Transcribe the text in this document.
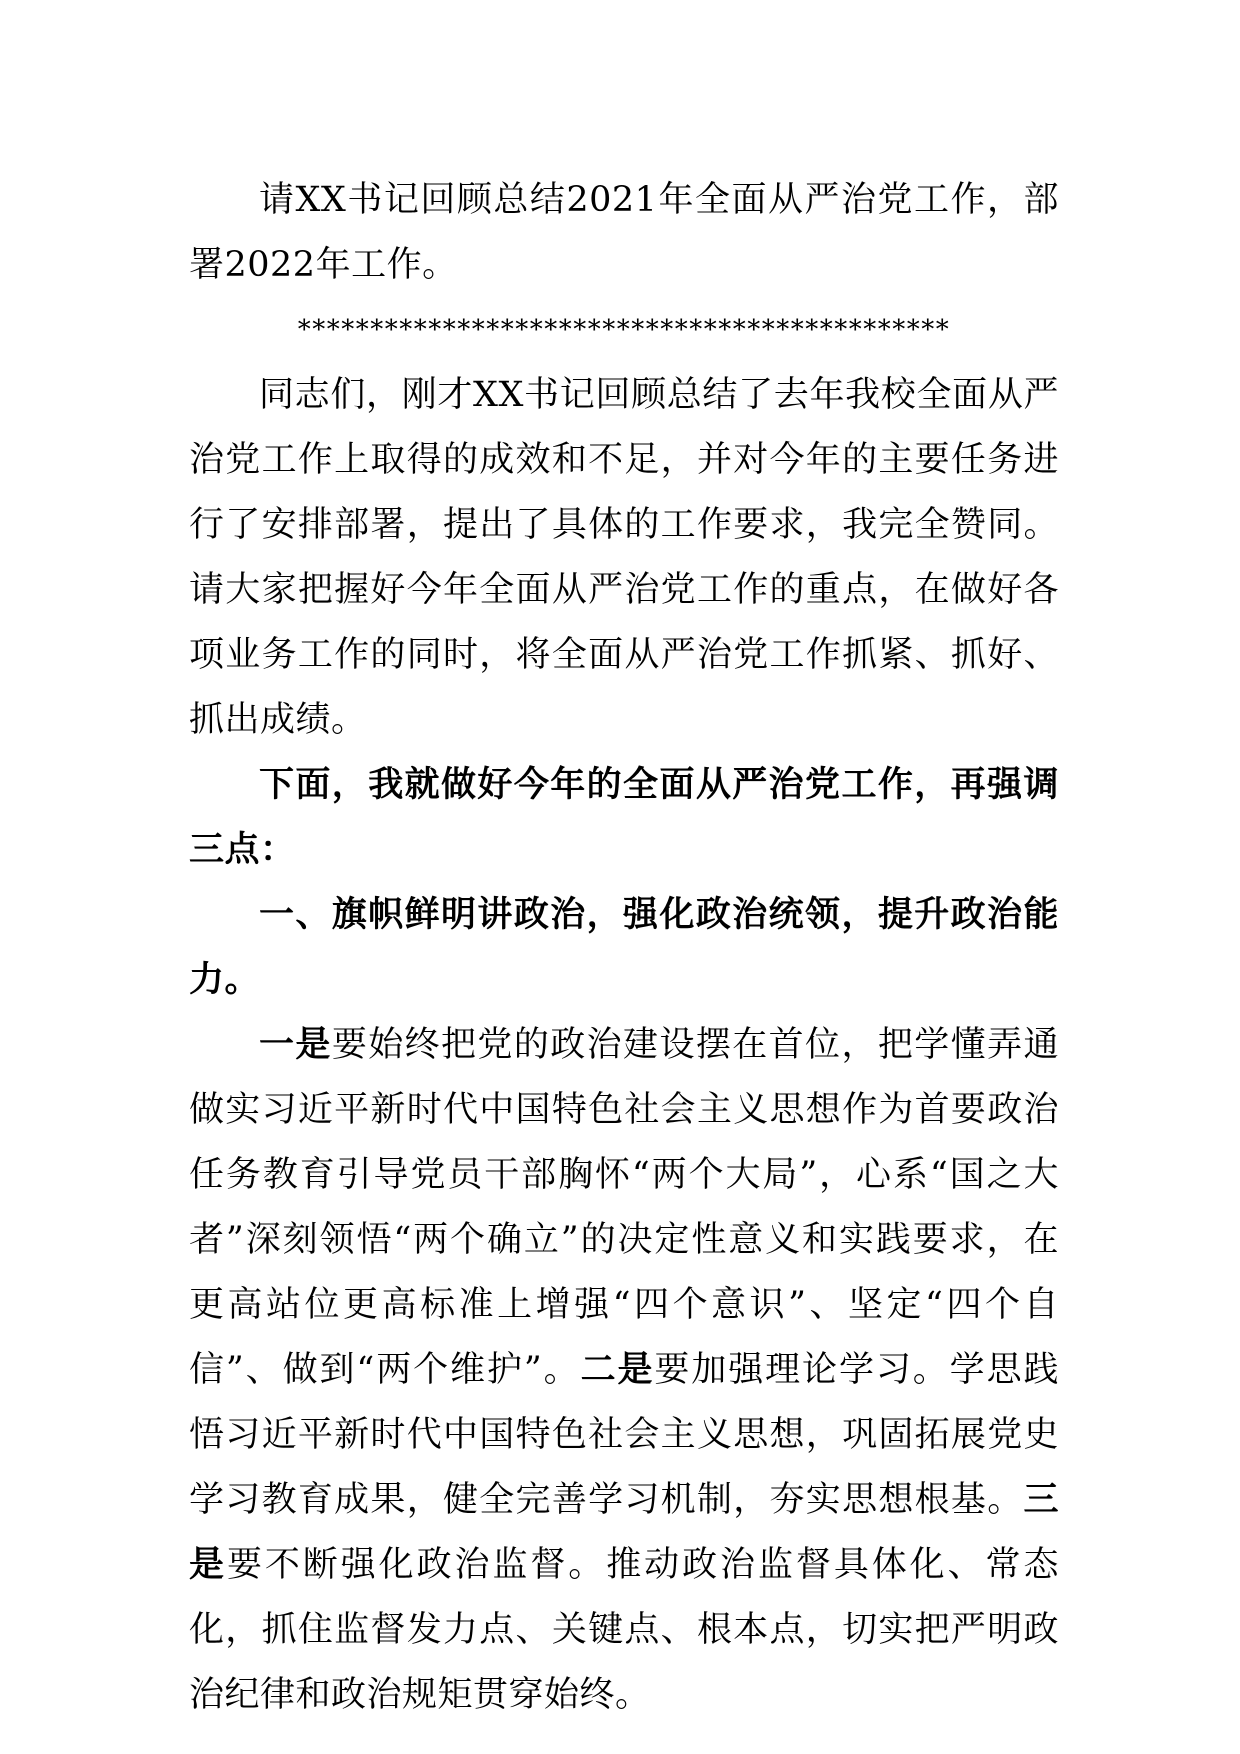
请XX书记回顾总结2021年全面从严治党工作，部署2022年工作。

*********************************************

同志们，刚才XX书记回顾总结了去年我校全面从严治党工作上取得的成效和不足，并对今年的主要任务进行了安排部署，提出了具体的工作要求，我完全赞同。请大家把握好今年全面从严治党工作的重点，在做好各项业务工作的同时，将全面从严治党工作抓紧、抓好、抓出成绩。

下面，我就做好今年的全面从严治党工作，再强调三点：

一、旗帜鲜明讲政治，强化政治统领，提升政治能力。

一是要始终把党的政治建设摆在首位，把学懂弄通做实习近平新时代中国特色社会主义思想作为首要政治任务教育引导党员干部胸怀“两个大局”，心系“国之大者”深刻领悟“两个确立”的决定性意义和实践要求，在更高站位更高标准上增强“四个意识”、坚定“四个自信”、做到“两个维护”。二是要加强理论学习。学思践悟习近平新时代中国特色社会主义思想，巩固拓展党史学习教育成果，健全完善学习机制，夯实思想根基。三是要不断强化政治监督。推动政治监督具体化、常态化，抓住监督发力点、关键点、根本点，切实把严明政治纪律和政治规矩贯穿始终。
